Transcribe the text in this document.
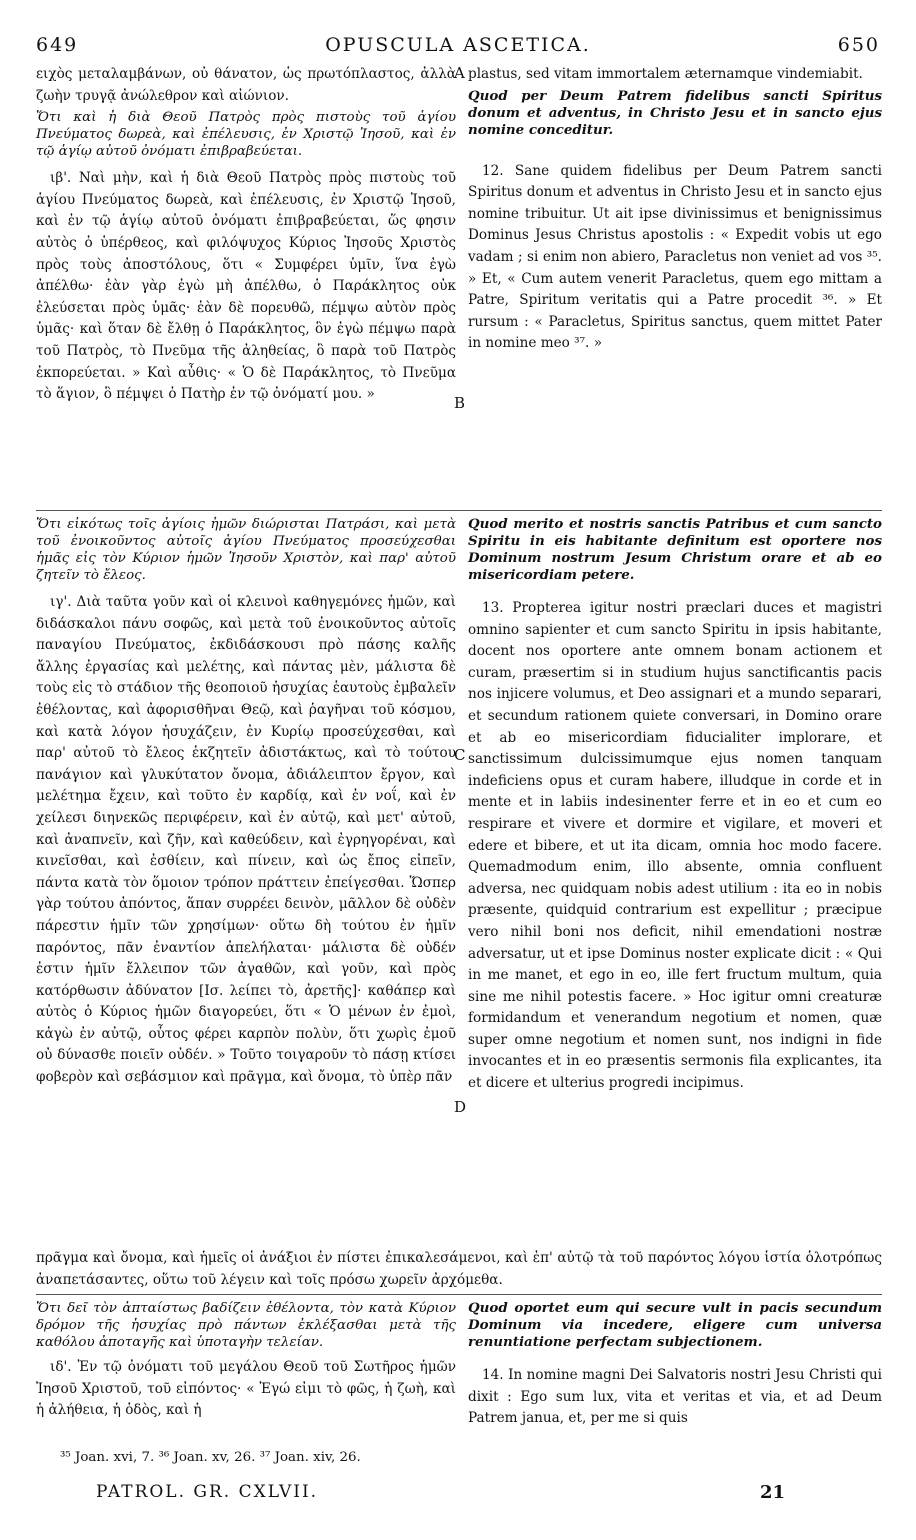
649	OPUSCULA ASCETICA.	650

ειχὸς μεταλαμβάνων, οὐ θάνατον, ὡς πρωτόπλαστος, ἀλλὰ ζωὴν τρυγᾷ ἀνώλεθρον καὶ αἰώνιον.

Ὅτι καὶ ἡ διὰ Θεοῦ Πατρὸς πρὸς πιστοὺς τοῦ ἁγίου Πνεύματος δωρεὰ, καὶ ἐπέλευσις, ἐν Χριστῷ Ἰησοῦ, καὶ ἐν τῷ ἁγίῳ αὐτοῦ ὀνόματι ἐπιβραβεύεται.

ιβ'. Ναὶ μὴν, καὶ ἡ διὰ Θεοῦ Πατρὸς πρὸς πιστοὺς τοῦ ἁγίου Πνεύματος δωρεὰ, καὶ ἐπέλευσις, ἐν Χριστῷ Ἰησοῦ, καὶ ἐν τῷ ἁγίῳ αὐτοῦ ὀνόματι ἐπιβραβεύεται, ὥς φησιν αὐτὸς ὁ ὑπέρθεος, καὶ φιλόψυχος Κύριος Ἰησοῦς Χριστὸς πρὸς τοὺς ἀποστόλους, ὅτι « Συμφέρει ὑμῖν, ἵνα ἐγὼ ἀπέλθω· ἐὰν γὰρ ἐγὼ μὴ ἀπέλθω, ὁ Παράκλητος οὐκ ἐλεύσεται πρὸς ὑμᾶς· ἐὰν δὲ πορευθῶ, πέμψω αὐτὸν πρὸς ὑμᾶς· καὶ ὅταν δὲ ἔλθῃ ὁ Παράκλητος, ὃν ἐγὼ πέμψω παρὰ τοῦ Πατρὸς, τὸ Πνεῦμα τῆς ἀληθείας, ὃ παρὰ τοῦ Πατρὸς ἐκπορεύεται. » Καὶ αὖθις· « Ὁ δὲ Παράκλητος, τὸ Πνεῦμα τὸ ἅγιον, ὃ πέμψει ὁ Πατὴρ ἐν τῷ ὀνόματί μου. »

plastus, sed vitam immortalem æternamque vindemiabit.

Quod per Deum Patrem fidelibus sancti Spiritus donum et adventus, in Christo Jesu et in sancto ejus nomine conceditur.

12. Sane quidem fidelibus per Deum Patrem sancti Spiritus donum et adventus in Christo Jesu et in sancto ejus nomine tribuitur. Ut ait ipse divinissimus et benignissimus Dominus Jesus Christus apostolis : « Expedit vobis ut ego vadam ; si enim non abiero, Paracletus non veniet ad vos ³⁵. » Et, « Cum autem venerit Paracletus, quem ego mittam a Patre, Spiritum veritatis qui a Patre procedit ³⁶. » Et rursum : « Paracletus, Spiritus sanctus, quem mittet Pater in nomine meo ³⁷. »

Ὅτι εἰκότως τοῖς ἁγίοις ἡμῶν διώρισται Πατράσι, καὶ μετὰ τοῦ ἐνοικοῦντος αὐτοῖς ἁγίου Πνεύματος προσεύχεσθαι ἡμᾶς εἰς τὸν Κύριον ἡμῶν Ἰησοῦν Χριστὸν, καὶ παρ' αὐτοῦ ζητεῖν τὸ ἔλεος.

ιγ'. Διὰ ταῦτα γοῦν καὶ οἱ κλεινοὶ καθηγεμόνες ἡμῶν, καὶ διδάσκαλοι πάνυ σοφῶς, καὶ μετὰ τοῦ ἐνοικοῦντος αὐτοῖς παναγίου Πνεύματος, ἐκδιδάσκουσι πρὸ πάσης καλῆς ἄλλης ἐργασίας καὶ μελέτης, καὶ πάντας μὲν, μάλιστα δὲ τοὺς εἰς τὸ στάδιον τῆς θεοποιοῦ ἡσυχίας ἑαυτοὺς ἐμβαλεῖν ἐθέλοντας, καὶ ἀφορισθῆναι Θεῷ, καὶ ῥαγῆναι τοῦ κόσμου, καὶ κατὰ λόγον ἡσυχάζειν, ἐν Κυρίῳ προσεύχεσθαι, καὶ παρ' αὐτοῦ τὸ ἔλεος ἐκζητεῖν ἀδιστάκτως, καὶ τὸ τούτου πανάγιον καὶ γλυκύτατον ὄνομα, ἀδιάλειπτον ἔργον, καὶ μελέτημα ἔχειν, καὶ τοῦτο ἐν καρδίᾳ, καὶ ἐν νοΐ, καὶ ἐν χείλεσι διηνεκῶς περιφέρειν, καὶ ἐν αὐτῷ, καὶ μετ' αὐτοῦ, καὶ ἀναπνεῖν, καὶ ζῆν, καὶ καθεύδειν, καὶ ἐγρηγορέναι, καὶ κινεῖσθαι, καὶ ἐσθίειν, καὶ πίνειν, καὶ ὡς ἔπος εἰπεῖν, πάντα κατὰ τὸν ὅμοιον τρόπον πράττειν ἐπείγεσθαι. Ὥσπερ γὰρ τούτου ἀπόντος, ἅπαν συρρέει δεινὸν, μᾶλλον δὲ οὐδὲν πάρεστιν ἡμῖν τῶν χρησίμων· οὕτω δὴ τούτου ἐν ἡμῖν παρόντος, πᾶν ἐναντίον ἀπελήλαται· μάλιστα δὲ οὐδέν ἐστιν ἡμῖν ἔλλειπον τῶν ἀγαθῶν, καὶ γοῦν, καὶ πρὸς κατόρθωσιν ἀδύνατον [Ισ. λείπει τὸ, ἀρετῆς]· καθάπερ καὶ αὐτὸς ὁ Κύριος ἡμῶν διαγορεύει, ὅτι « Ὁ μένων ἐν ἐμοὶ, κἀγὼ ἐν αὐτῷ, οὗτος φέρει καρπὸν πολὺν, ὅτι χωρὶς ἐμοῦ οὐ δύνασθε ποιεῖν οὐδέν. » Τοῦτο τοιγαροῦν τὸ πάσῃ κτίσει φοβερὸν καὶ σεβάσμιον καὶ πρᾶγμα, καὶ ὄνομα, τὸ ὑπὲρ πᾶν

Quod merito et nostris sanctis Patribus et cum sancto Spiritu in eis habitante definitum est oportere nos Dominum nostrum Jesum Christum orare et ab eo misericordiam petere.

13. Propterea igitur nostri præclari duces et magistri omnino sapienter et cum sancto Spiritu in ipsis habitante, docent nos oportere ante omnem bonam actionem et curam, præsertim si in studium hujus sanctificantis pacis nos injicere volumus, et Deo assignari et a mundo separari, et secundum rationem quiete conversari, in Domino orare et ab eo misericordiam fiducialiter implorare, et sanctissimum dulcissimumque ejus nomen tanquam indeficiens opus et curam habere, illudque in corde et in mente et in labiis indesinenter ferre et in eo et cum eo respirare et vivere et dormire et vigilare, et moveri et edere et bibere, et ut ita dicam, omnia hoc modo facere. Quemadmodum enim, illo absente, omnia confluent adversa, nec quidquam nobis adest utilium : ita eo in nobis præsente, quidquid contrarium est expellitur ; præcipue vero nihil boni nos deficit, nihil emendationi nostræ adversatur, ut et ipse Dominus noster explicate dicit : « Qui in me manet, et ego in eo, ille fert fructum multum, quia sine me nihil potestis facere. » Hoc igitur omni creaturæ formidandum et venerandum negotium et nomen, quæ super omne negotium et nomen sunt, nos indigni in fide invocantes et in eo præsentis sermonis fila explicantes, ita et dicere et ulterius progredi incipimus.

πρᾶγμα καὶ ὄνομα, καὶ ἡμεῖς οἱ ἀνάξιοι ἐν πίστει ἐπικαλεσάμενοι, καὶ ἐπ' αὐτῷ τὰ τοῦ παρόντος λόγου ἱστία ὁλοτρόπως ἀναπετάσαντες, οὕτω τοῦ λέγειν καὶ τοῖς πρόσω χωρεῖν ἀρχόμεθα.

Ὅτι δεῖ τὸν ἀπταίστως βαδίζειν ἐθέλοντα, τὸν κατὰ Κύριον δρόμον τῆς ἡσυχίας πρὸ πάντων ἐκλέξασθαι μετὰ τῆς καθόλου ἀποταγῆς καὶ ὑποταγὴν τελείαν.

ιδ'. Ἐν τῷ ὀνόματι τοῦ μεγάλου Θεοῦ τοῦ Σωτῆρος ἡμῶν Ἰησοῦ Χριστοῦ, τοῦ εἰπόντος· « Ἐγώ εἰμι τὸ φῶς, ἡ ζωὴ, καὶ ἡ ἀλήθεια, ἡ ὁδὸς, καὶ ἡ

Quod oportet eum qui secure vult in pacis secundum Dominum via incedere, eligere cum universa renuntiatione perfectam subjectionem.

14. In nomine magni Dei Salvatoris nostri Jesu Christi qui dixit : Ego sum lux, vita et veritas et via, et ad Deum Patrem janua, et, per me si quis

A
B
C
D
³⁵ Joan. xvi, 7. ³⁶ Joan. xv, 26. ³⁷ Joan. xiv, 26.
PATROL. GR. CXLVII.	21
